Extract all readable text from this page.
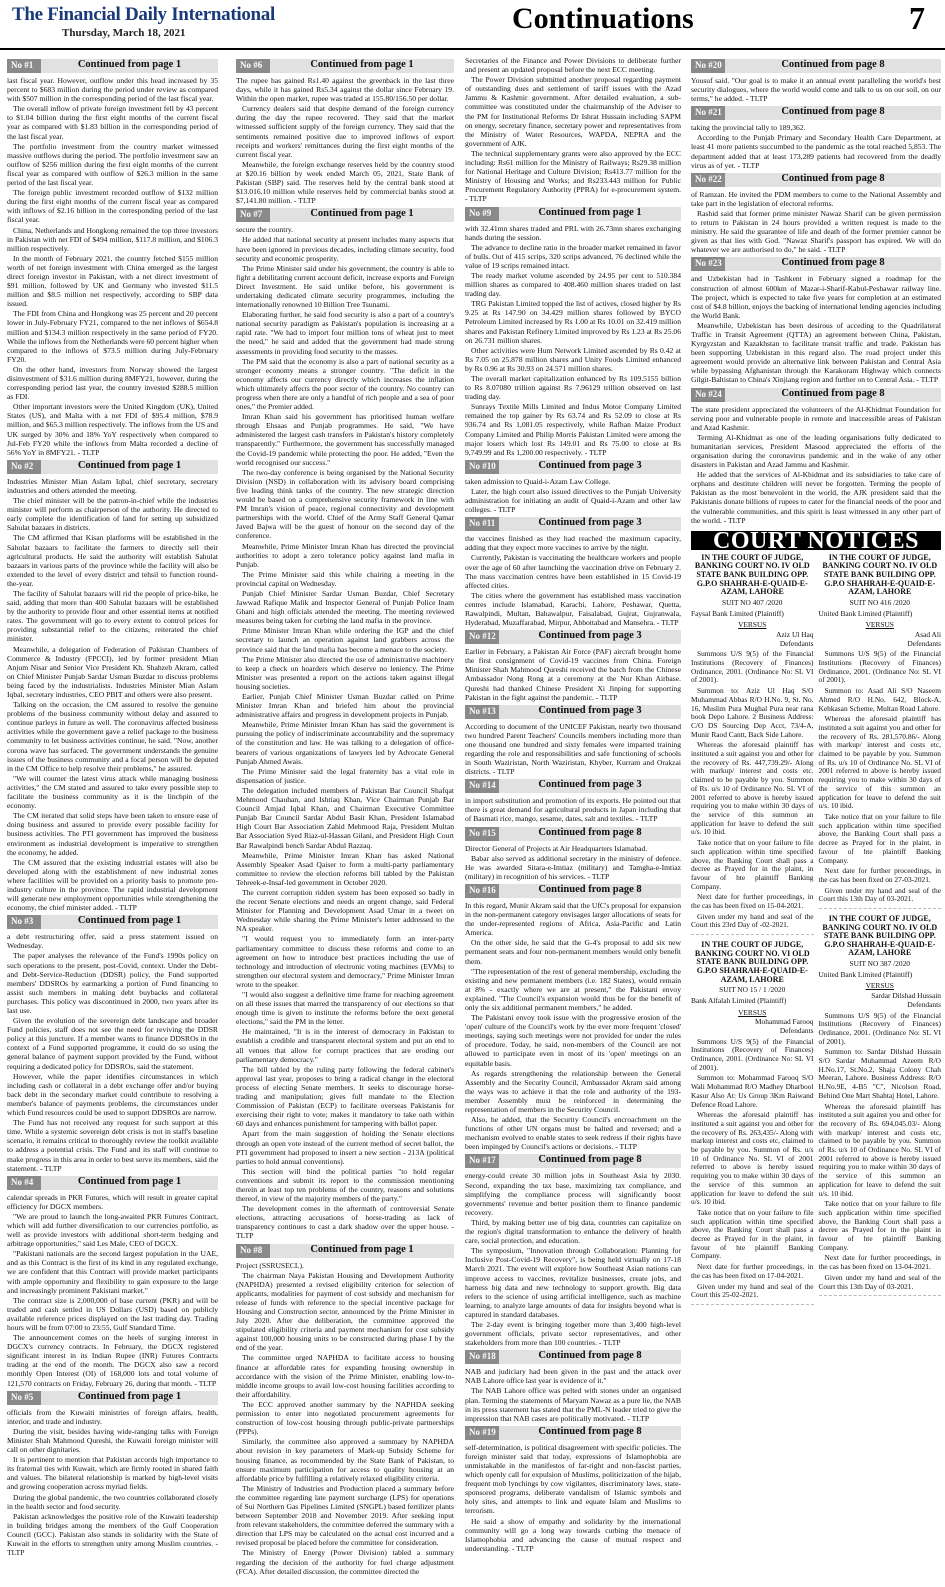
The Financial Daily International
Thursday, March 18, 2021	Continuations	7
No #1	Continued from page 1

last fiscal year. However, outflow under this head increased by 35 percent to $683 million during the period under review as compared with $507 million in the corresponding period of the last fiscal year.

The overall inflow of private foreign investment fell by 43 percent to $1.04 billion during the first eight months of the current fiscal year as compared with $1.83 billion in the corresponding period of the last fiscal year.

The portfolio investment from the country market witnessed massive outflows during the period. The portfolio investment saw an outflow of $256 million during the first eight months of the current fiscal year as compared with outflow of $26.3 million in the same period of the last fiscal year.

The foreign public investment recorded outflow of $132 million during the first eight months of the current fiscal year as compared with inflows of $2.16 billion in the corresponding period of the last fiscal year.

China, Netherlands and Hongkong remained the top three investors in Pakistan with net FDI of $494 million, $117.8 million, and $106.3 million respectively.

In the month of February 2021, the country fetched $155 million worth of net foreign investment with China emerged as the largest direct foreign investor in Pakistan, with a net direct investment of $91 million, followed by UK and Germany who invested $11.5 million and $8.5 million net respectively, according to SBP data issued.

The FDI from China and Hongkong was 25 percent and 20 percent lower in July-February FY21, compared to the net inflows of $654.8 million and $134.3 million respectively in the same period of FY20. While the inflows from the Netherlands were 60 percent higher when compared to the inflows of $73.5 million during July-February FY20.

On the other hand, investors from Norway showed the largest disinvestment of $31.6 million during 8MFY21, however, during the corresponding period last year, the country invested $288.5 million as FDI.

Other important investors were the United Kingdom (UK), United States (US), and Malta with a net FDI of $95.4 million, $78.9 million, and $65.3 million respectively. The inflows from the US and UK surged by 30% and 18% YoY respectively when compared to Jul-Feb FY20 while the inflows from Malta recorded a decline of 56% YoY in 8MFY21. - TLTP

No #2	Continued from page 1

Industries Minister Mian Aslam Iqbal, chief secretary, secretary industries and others attended the meeting.

The chief minister will be the patron-in-chief while the industries minister will perform as chairperson of the authority. He directed to early complete the identification of land for setting up subsidized Sahulat bazaars in districts.

The CM affirmed that Kisan platforms will be established in the Sahulat bazaars to facilitate the farmers to directly sell their agricultural products. He said the authority will establish Sahulat bazaars in various parts of the province while the facility will also be extended to the level of every district and tehsil to function round-the-year.

The facility of Sahulat bazaars will rid the people of price-hike, he said, adding that more than 400 Sahulat bazaars will be established by the authority to provide flour and other essential items at notified rates. The government will go to every extent to control prices for providing substantial relief to the citizens, reiterated the chief minister.

Meanwhile, a delegation of Federation of Pakistan Chambers of Commerce & Industry (FPCCI), led by former president Mian Anjum Nisar and Senior Vice President Kh. Shahzeb Akram, called on Chief Minister Punjab Sardar Usman Buzdar to discuss problems being faced by the industrialists. Industries Minister Mian Aslam Iqbal, secretary industries, CEO PBIT and others were also present.

Talking on the occasion, the CM assured to resolve the genuine problems of the business community without delay and assured to continue parleys in future as well. The coronavirus affected business activities while the government gave a relief package to the business community to let business activities continue, he said. "Now, another corona wave has surfaced. The government understands the genuine issues of the business community and a focal person will be deputed in the CM Office to help resolve their problems," he assured.

"We will counter the latest virus attack while managing business activities," the CM stated and assured to take every possible step to facilitate the business community as it is the linchpin of the economy.

The CM iterated that solid steps have been taken to ensure ease of doing business and assured to provide every possible facility for business activities. The PTI government has improved the business environment as industrial development is imperative to strengthen the economy, he added.

The CM assured that the existing industrial estates will also be developed along with the establishment of new industrial zones where facilities will be provided on a priority basis to promote pro-industry culture in the province. The rapid industrial development will generate new employment opportunities while strengthening the economy, the chief minister added. - TLTP

No #3	Continued from page 1

a debt restructuring offer, said a press statement issued on Wednesday.

The paper analyses the relevance of the Fund's 1990s policy on such operations to the present, post-Covid, context. Under the Debt- and Debt-Service-Reduction (DDSR) policy, the Fund supported members' DDSROs by earmarking a portion of Fund financing to assist such members in making debt buybacks and collateral purchases. This policy was discontinued in 2000, two years after its last use.

Given the evolution of the sovereign debt landscape and broader Fund policies, staff does not see the need for reviving the DDSR policy at this juncture. If a member wants to finance DDSROs in the context of a Fund supported programme, it could do so using the general balance of payment support provided by the Fund, without requiring a dedicated policy for DDSROs, said the statement.

However, while the paper identifies circumstances in which including cash or collateral in a debt exchange offer and/or buying back debt in the secondary market could contribute to resolving a member's balance of payments problems, the circumstances under which Fund resources could be used to support DDSROs are narrow.

The Fund has not received any request for such support at this time. While a systemic sovereign debt crisis is not in staff's baseline scenario, it remains critical to thoroughly review the toolkit available to address a potential crisis. The Fund and its staff will continue to make progress in this area in order to best serve its members, said the statement. - TLTP

No #4	Continued from page 1

calendar spreads in PKR Futures, which will result in greater capital efficiency for DGCX members.

"We are proud to launch the long-awaited PKR Futures Contract, which will add further diversification to our currencies portfolio, as well as provide investors with additional short-term hedging and arbitrage opportunities," said Les Male, CEO of DGCX.

"Pakistani nationals are the second largest population in the UAE, and as this Contract is the first of its kind in any regulated exchange, we are confident that this Contract will provide market participants with ample opportunity and flexibility to gain exposure to the large and increasingly prominent Pakistani market."

The contract size is 2,000,000 of base current (PKR) and will be traded and cash settled in US Dollars (USD) based on publicly available reference prices displayed on the last trading day. Trading hours will be from 07:00 to 23:55, Gulf Standard Time.

The announcement comes on the heels of surging interest in DGCX's currency contracts. In February, the DGCX registered significant interest in its Indian Rupee (INR) Futures Contracts trading at the end of the month. The DGCX also saw a record monthly Open Interest (OI) of 168,000 lots and total volume of 121,570 contracts on Friday, February 26, during that month. - TLTP

No #5	Continued from page 1

officials from the Kuwaiti ministries of foreign affairs, health, interior, and trade and industry.

During the visit, besides having wide-ranging talks with Foreign Minister Shah Mahmood Qureshi, the Kuwaiti foreign minister will call on other dignitaries.

It is pertinent to mention that Pakistan accords high importance to its fraternal ties with Kuwait, which are firmly rooted in shared faith and values. The bilateral relationship is marked by high-level visits and growing cooperation across myriad fields.

During the global pandemic, the two countries collaborated closely in the health sector and food security.

Pakistan acknowledges the positive role of the Kuwaiti leadership in building bridges among the members of the Gulf Cooperation Council (GCC). Pakistan also stands in solidarity with the State of Kuwait in the efforts to strengthen unity among Muslim countries. - TLTP

No #6	Continued from page 1

The rupee has gained Rs1.40 against the greenback in the last three days, while it has gained Rs5.34 against the dollar since February 19. Within the open market, rupee was traded at 155.80/156.50 per dollar.

Currency dealers said that despite demand of the foreign currency during the day the rupee recovered. They said that the market witnessed sufficient supply of the foreign currency. They said that the sentiments remained positive due to improved inflows of export receipts and workers' remittances during the first eight months of the current fiscal year.

Meanwhile, the foreign exchange reserves held by the country stood at $20.16 billion by week ended March 05, 2021, State Bank of Pakistan (SBP) said. The reserves held by the central bank stood at $13.016.10 million while reserves held by commercial banks stood at $7,141.80 million. - TLTP

No #7	Continued from page 1

secure the country.

He added that national security at present includes many aspects that have been ignored in previous decades, including climate security, food security and economic prosperity.

The Prime Minister said under his government, the country is able to fight a debilitating current account deficit, increase exports and Foreign Direct Investment. He said unlike before, his government is undertaking dedicated climate security programmes, including the internationally renowned 10 Billion Tree Tsunami.

Elaborating further, he said food security is also a part of a country's national security paradigm as Pakistan's population is increasing at a rapid rate. "We had to import four million tons of wheat just to meet the need," he said and added that the government had made strong assessments in providing food security to the masses.

The PM said that the economy is also a part of national security as a stronger economy means a stronger country. "The deficit in the economy affects our currency directly which increases the inflation which ultimately affects the poor sector of the country. No country can progress when there are only a handful of rich people and a sea of poor ones," the Premier added.

Imran Khan said his government has prioritised human welfare through Ehsaas and Punjab programmes. He said, "We have administered the largest cash transfers in Pakistan's history completely transparently." Furthermore, the government has successfully managed the Covid-19 pandemic while protecting the poor. He added, "Even the world recognised our success."

The two-day conference is being organised by the National Security Division (NSD) in collaboration with its advisory board comprising five leading think tanks of the country. The new strategic direction would be based on a comprehensive security framework in line with PM Imran's vision of peace, regional connectivity and development partnerships with the world. Chief of the Army Staff General Qamar Javed Bajwa will be the guest of honour on the second day of the conference.

Meanwhile, Prime Minister Imran Khan has directed the provincial authorities to adopt a zero tolerance policy against land mafia in Punjab.

The Prime Minister said this while chairing a meeting in the provincial capital on Wednesday.

Punjab Chief Minister Sardar Usman Buzdar, Chief Secretary Jawwad Rafique Malik and Inspector General of Punjab Police Inam Ghani and high officials attended the meeting. The meeting reviewed measures being taken for curbing the land mafia in the province.

Prime Minister Imran Khan while ordering the IGP and the chief secretary to launch an operation against land grabbers across the province said that the land mafia has become a menace to the society.

The Prime Minister also directed the use of administrative machinery to keep a check on hoarders which deserve no leniency. The Prime Minister was presented a report on the actions taken against illegal housing societies.

Earlier, Punjab Chief Minister Usman Buzdar called on Prime Minister Imran Khan and briefed him about the provincial administrative affairs and progress in development projects in Punjab.

Meanwhile, Prime Minister Imran Khan has said the government is pursuing the policy of indiscriminate accountability and the supremacy of the constitution and law. He was talking to a delegation of office-bearers of various organizations of lawyers led by Advocate General Punjab Ahmed Awais.

The Prime Minister said the legal fraternity has a vital role in dispensation of justice.

The delegation included members of Pakistan Bar Council Shafqat Mehmood Chauhan, and Ishtiaq Khan, Vice Chairman Punjab Bar Council Amjad Iqbal Khan, and Chairman Executive Committee Punjab Bar Council Sardar Abdul Basit Khan, President Islamabad High Court Bar Association Zahid Mehmood Raja, President Multan Bar Association Syed Riaz-ul-Hassan Gilani, and President High Court Bar Rawalpindi bench Sardar Abdul Razzaq.

Meanwhile, Prime Minister Imran Khan has asked National Assembly Speaker Asad Qaiser to form a multi-party parliamentary committee to review the election reforms bill tabled by the Pakistan Tehreek-e-Insaf-led government in October 2020.

The current corruption ridden system has been exposed so badly in the recent Senate elections and needs an urgent change, said Federal Minister for Planning and Development Asad Umar in a tweet on Wednesday while sharing the Prime Minister's letter addressed to the NA speaker.

"I would request you to immediately form an inter-party parliamentary committee to discuss these reforms and come to an agreement on how to introduce best practices including the use of technology and introduction of electronic voting machines (EVMs) to strengthen our electoral system and democracy," Prime Minister Imran wrote to the speaker.

"I would also suggest a definitive time frame for reaching agreement on all these issues that marred the transparency of our elections so that enough time is given to institute the reforms before the next general elections," said the PM in the letter.

He maintained, "It is in the interest of democracy in Pakistan to establish a credible and transparent electoral system and put an end to all venues that allow for corrupt practices that are eroding our parliamentary democracy."

The bill tabled by the ruling party following the federal cabinet's approval last year, proposes to bring a radical change in the electoral process of electing Senate members. It seeks to discourage horse-trading and manipulation; gives full mandate to the Election Commission of Pakistan (ECP) to facilitate overseas Pakistanis for exercising their right to vote; makes it mandatory to take oath within 60 days and enhances punishment for tampering with ballot paper.

Apart from the main suggestion of holding the Senate elections through an open vote instead of the current method of secret ballot, the PTI government had proposed to insert a new section - 213A (political parties to hold annual conventions).

This section will bind the political parties "to hold regular conventions and submit its report to the commission mentioning therein at least top ten problems of the country, reasons and solutions thereof, in view of the majority members of the party."

The development comes in the aftermath of controversial Senate elections, attracting accusations of horse-trading as lack of transparency continues to cast a dark shadow over the upper house. - TLTP

No #8	Continued from page 1

Project (SSRUSECL).

The chairman Naya Pakistan Housing and Development Authority (NAPHDA) presented a revised eligibility criterion for selection of applicants, modalities for payment of cost subsidy and mechanism for release of funds with reference to the special incentive package for Housing and Construction sector, announced by the Prime Minister in July 2020. After due deliberation, the committee approved the stipulated eligibility criteria and payment mechanism for cost subsidy against 100,000 housing units to be constructed during phase I by the end of the year.

The committee urged NAPHDA to facilitate access to housing finance at affordable rates for expanding housing ownership in accordance with the vision of the Prime Minister, enabling low-to-middle income groups to avail low-cost housing facilities according to their affordability.

The ECC approved another summary by the NAPHDA seeking permission to enter into negotiated procurement agreements for construction of low-cost housing through public-private partnerships (PPPs).

Similarly, the committee also approved a summary by NAPHDA about revision in key parameters of Mark-up Subsidy Scheme for housing finance, as recommended by the State Bank of Pakistan, to ensure maximum participation for access to quality housing at an affordable price by fulfilling a relatively relaxed eligibility criteria.

The Ministry of Industries and Production placed a summary before the committee regarding late payment surcharge (LPS) for operations of Sui Northern Gas Pipelines Limited (SNGPL) based fertilizer plants between September 2018 and November 2019. After seeking input from relevant stakeholders, the committee deferred the summary with a direction that LPS may be calculated on the actual cost incurred and a revised proposal be placed before the committee for consideration.

The Ministry of Energy (Power Division) tabled a summary regarding the decision of the authority for fuel charge adjustment (FCA). After detailed discussion, the committee directed the

Secretaries of the Finance and Power Divisions to deliberate further and present an updated proposal before the next ECC meeting.

The Power Division submitted another proposal regarding payment of outstanding dues and settlement of tariff issues with the Azad Jammu & Kashmir government. After detailed evaluation, a sub-committee was constituted under the chairmanship of the Adviser to the PM for Institutional Reforms Dr Ishrat Hussain including SAPM on energy, secretary finance, secretary power and representatives from the Ministry of Water Resources, WAPDA, NEPRA and the government of AJK.

The technical supplementary grants were also approved by the ECC including: Rs61 million for the Ministry of Railways; Rs29.38 million for National Heritage and Culture Division; Rs413.77 million for the Ministry of Housing and Works; and Rs233.443 million for Public Procurement Regulatory Authority (PPRA) for e-procurement system. - TLTP

No #9	Continued from page 1

with 32.41mn shares traded and PRL with 26.73mn shares exchanging hands during the session.

The advance to decline ratio in the broader market remained in favor of bulls. Out of 415 scrips, 320 scrips advanced, 76 declined while the value of 19 scrips remained intact.

The ready market volume ascended by 24.95 per cent to 510.384 million shares as compared to 408.460 million shares traded on last trading day.

TRG Pakistan Limited topped the list of actives, closed higher by Rs 9.25 at Rs 147.90 on 34.429 million shares followed by BYCO Petroleum Limited increased by Rs 1.00 at Rs 10.01 on 32.419 million shares and Pakistan Refinery Limited improved by Rs 1.23 at Rs 25.06 on 26.731 million shares.

Other activities were Hum Network Limited ascended by Rs 0.42 at Rs 7.05 on 25.878 million shares and Unity Foods Limited enhanced by Rs 0.96 at Rs 30.93 on 24.571 million shares.

The overall market capitalization enhanced by Rs 109.5155 billion to Rs 8.07080 trillion against Rs 7.96129 trillion observed on last trading day.

Sunrays Textile Mills Limited and Indus Motor Company Limited remained the top gainer by Rs 63.74 and Rs 52.09 to close at Rs 936.74 and Rs 1,081.05 respectively, while Rafhan Maize Product Company Limited and Philip Morris Pakistan Limited were among the major losers which lost Rs 149.01 and Rs 75.00 to close at Rs 9,749.99 and Rs 1,200.00 respectively. - TLTP

No #10	Continued from page 3

taken admission to Quaid-i-Azam Law College.

Later, the high court also issued directives to the Punjab University administration for initiating an audit of Quaid-i-Azam and other law colleges. - TLTP

No #11	Continued from page 3

the vaccines finished as they had reached the maximum capacity, adding that they expect more vaccines to arrive by the night.

Currently, Pakistan is vaccinating the healthcare workers and people over the age of 60 after launching the vaccination drive on February 2. The mass vaccination centres have been established in 15 Covid-19 affected cities.

The cities where the government has established mass vaccination centres include Islamabad, Karachi, Lahore, Peshawar, Quetta, Rawalpindi, Multan, Bahawalpur, Faisalabad, Gujrat, Gujranwala, Hyderabad, Muzaffarabad, Mirpur, Abbottabad and Mansehra. - TLTP

No #12	Continued from page 3

Earlier in February, a Pakistan Air Force (PAF) aircraft brought home the first consignment of Covid-19 vaccines from China. Foreign Minister Shah Mahmood Qureshi received the batch from the Chinese Ambassador Nong Rong at a ceremony at the Nur Khan Airbase. Qureshi had thanked Chinese President Xi Jinping for supporting Pakistan in the fight against the pandemic. - TLTP

No #13	Continued from page 3

According to document of the UNICEF Pakistan, nearly two thousand two hundred Parent Teachers' Councils members including more than one thousand one hundred and sixty females were imparted training regarding the role and responsibilities and safe functioning of schools in South Waziristan, North Waziristan, Khyber, Kurram and Orakzai districts. - TLTP

No #14	Continued from page 3

in import substitution and promotion of its exports. He pointed out that there is great demand for agricultural products in Japan including that of Basmati rice, mango, sesame, dates, salt and textiles. - TLTP

No #15	Continued from page 8

Director General of Projects at Air Headquarters Islamabad.

Babar also served as additional secretary in the ministry of defence. He was awarded Sitara-e-Imtiaz (military) and Tamgha-e-Imtiaz (military) in recognition of his services. - TLTP

No #16	Continued from page 8

In this regard, Munir Akram said that the UfC's proposal for expansion in the non-permanent category envisages larger allocations of seats for the under-represented regions of Africa, Asia-Pacific and Latin America.

On the other side, he said that the G-4's proposal to add six new permanent seats and four non-permanent members would only benefit them.

"The representation of the rest of general membership, excluding the existing and new permanent members (i.e. 182 States), would remain at 8% - exactly where we are at present," the Pakistani envoy explained. "The Council's expansion would thus be for the benefit of only the six additional permanent members," he added.

The Pakistani envoy took issue with the progressive erosion of the 'open' culture of the Council's work by the ever more frequent 'closed' meetings, saying such meetings were not provided for under the rules of procedure. Today, he said, non-members of the Council are not allowed to participate even in most of its 'open' meetings on an equitable basis.

As regards strengthening the relationship between the General Assembly and the Security Council, Ambassador Akram said among the ways was to achieve it that the role and authority of the 193-member Assembly must be reinforced in determining the representation of members in the Security Council.

Also, he added, that the Security Council's encroachment on the functions of other UN organs must be halted and reversed; and a mechanism evolved to enable states to seek redress if their rights have been impinged by Council's actions or decisions. - TLTP

No #17	Continued from page 8

energy-could create 30 million jobs in Southeast Asia by 2030. Second, expanding the tax base, maximizing tax compliance, and simplifying the compliance process will significantly boost governments' revenue and better position them to finance pandemic recovery.

Third, by making better use of big data, countries can capitalize on the region's digital transformation to enhance the delivery of health care, social protection, and education.

The symposium, "Innovation through Collaboration: Planning for Inclusive Post-Covid-19 Recovery", is being held virtually on 17-18 March 2021. The event will explore how Southeast Asian nations can improve access to vaccines, revitalize businesses, create jobs, and harness big data and new technology to support growth. Big data refers to the science of using artificial intelligence, such as machine learning, to analyze large amounts of data for insights beyond what is captured in standard databases.

The 2-day event is bringing together more than 3,400 high-level government officials, private sector representatives, and other stakeholders from more than 100 countries. - TLTP

No #18	Continued from page 8

NAB and judiciary had been given in the past and the attack over NAB Lahore office last year is evidence of it."

The NAB Lahore office was pelted with stones under an organised plan. Terming the statements of Maryam Nawaz as a pure lie, the NAB in its press statement has stated that the PML-N leader tried to give the impression that NAB cases are politically motivated. - TLTP

No #19	Continued from page 8

self-determination, is political disagreement with specific policies. The foreign minister said that today, expressions of Islamophobia are unmistakable in the manifestos of far-right and non-fascist parties, which openly call for expulsion of Muslims, politicization of the hijab, frequent mob lynchings by cow vigilantes, discriminatory laws, state-sponsored programs, deliberate vandalism of Islamic symbols and holy sites, and attempts to link and equate Islam and Muslims to terrorism.

He said a show of empathy and solidarity by the international community will go a long way towards curbing the menace of Islamophobia and advancing the cause of mutual respect and understanding. - TLTP

No #20	Continued from page 8

Yousuf said. "Our goal is to make it an annual event paralleling the world's best security dialogues, where the world would come and talk to us on our soil, on our terms," he added. - TLTP

No #21	Continued from page 8

taking the provincial tally to 189,362.

According to the Punjab Primary and Secondary Health Care Department, at least 41 more patients succumbed to the pandemic as the total reached 5,853. The department added that at least 173,289 patients had recovered from the deadly virus as of yet. - TLTP

No #22	Continued from page 8

of Ramzan. He invited the PDM members to come to the National Assembly and take part in the legislation of electoral reforms.

Rashid said that former prime minister Nawaz Sharif can be given permission to return to Pakistan in 24 hours provided a written request is made to the ministry. He said the guarantee of life and death of the former premier cannot be given as that lies with God. "Nawaz Sharif's passport has expired. We will do whatever we are authorised to do," he said. - TLTP

No #23	Continued from page 8

and Uzbekistan had in Tashkent in February signed a roadmap for the construction of almost 600km of Mazar-i-Sharif-Kabul-Peshawar railway line. The project, which is expected to take five years for completion at an estimated cost of $4.8 billion, enjoys the backing of international lending agencies including the World Bank.

Meanwhile, Uzbekistan has been desirous of acceding to the Quadrilateral Traffic in Transit Agreement (QTTA) an agreement between China, Pakistan, Kyrgyzstan and Kazakhstan to facilitate transit traffic and trade. Pakistan has been supporting Uzbekistan in this regard also. The road project under this agreement would provide an alternative link between Pakistan and Central Asia while bypassing Afghanistan through the Karakoram Highway which connects Gilgit-Baltistan to China's Xinjiang region and further on to Central Asia. - TLTP

No #24	Continued from page 8

The state president appreciated the volunteers of the Al-Khidmat Foundation for serving poor and vulnerable people in remote and inaccessible areas of Pakistan and Azad Kashmir.

Terming Al-Khidmat as one of the leading organisations fully dedicated to humanitarian services, President Masood appreciated the efforts of the organisation during the coronavirus pandemic and in the wake of any other disasters in Pakistan and Azad Jammu and Kashmir.

He added that the services of Al-Khidmat and its subsidiaries to take care of orphans and destitute children will never be forgotten. Terming the people of Pakistan as the most benevolent in the world, the AJK president said that the Pakistanis donate billions of rupees to cater for the financial needs of the poor and the vulnerable communities, and this spirit is least witnessed in any other part of the world. - TLTP

COURT NOTICES
IN THE COURT OF JUDGE, BANKING COURT NO. IV OLD STATE BANK BUILDING OPP. G.P.O SHAHRAH-E-QUAID-E-AZAM, LAHORE
SUIT NO 407 /2020
Faysal Bank Limited (Plaintiff)
VERSUS
Aziz Ul Haq
Defendants
Summons U/S 9(5) of the Financial Institutions (Recovery of Finances) Ordinance, 2001. (Ordinance No: SL VI of 2001).
Summon to: Aziz Ul Haq S/O Muhammad Abbas R/O H.No. 9, St. No. 16, Muslim Pura Mughal Pura near rana book Depo Lahore. 2 Business Address: C/O DS Sourcing Dep Acct, 73/4-A, Munir Raod Cantt, Back Side Lahore.
Whereas the aforesaid plaintiff has instituted a suit against you and other for the recovery of Rs. 447,739.29/- Along with markup/ interest and costs etc. claimed to be payable by you. Summon of Rs. u/s 10 of Ordinance No. SL VI of 2001 referred to above is hereby issued requiring you to make within 30 days of the service of this summon an application for leave to defend the suit u/s. 10 ibid.
Take notice that on your failure to file such application within time specified above, the Banking Court shall pass a decree as Prayed for in the plaint, in favour of hte plaintiff Banking Company.
Next date for further proceedings, in the cas has been fixed on 15-04-2021.
Given under my hand and seal of the Court this 23rd Day of -02-2021.
IN THE COURT OF JUDGE, BANKING COURT NO. VI OLD STATE BANK BUILDING OPP. G.P.O SHAHRAH-E-QUAID-E-AZAM, LAHORE
SUIT NO 15 / 1 /2020
Bank Alfalah Limited (Plaintiff)
VERSUS
Mohammad Farooq
Defendants
Summons U/S 9(5) of the Financial Institutions (Recovery of Finances) Ordinance, 2001. (Ordinance No: SL VI of 2001).
Summon to: Mohammad Farooq S/O Wali Mohammad R/O Madhey Dharbool Kasur Also At: Us Group 3Km Raiwand Defence Road Lahore.
Whereas the aforesaid plaintiff has instituted a suit against you and other for the recovery of Rs. 263,435/- Along with markup interest and costs etc, claimed to be payable by you. Summon of Rs. u/s 10 of Ordinance No. SL VI of 2001 referred to above is hereby issued requiring you to make within 30 days of the service of this summon an application for leave to defend the suit u/s. 10 ibid.
Take notice that on your failure to file such application within time specified above, the Banking Court shall pass a decree as Prayed for in the plaint, in favour of hte plaintiff Banking Company.
Next date for further proceedings, in the cas has been fixed on 17-04-2021.
Given under my hand and seal of the Court this 25-02-2021.
IN THE COURT OF JUDGE, BANKING COURT NO. IV OLD STATE BANK BUILDING OPP. G.P.O SHAHRAH-E-QUAID-E-AZAM, LAHORE
SUIT NO 416 /2020
United Bank Limited (Plaintiff)
VERSUS
Asad Ali
Defendants
Summons U/S 9(5) of the Financial Institutions (Recovery of Finances) Ordinance, 2001. (Ordinance No: SL VI of 2001).
Summon to: Asad Ali S/O Naseem Ahmed R/O H.No. 642, Block-A, Kehkasan Scheme, Multan Road Lahore.
Whereas the aforesaid plaintiff has instituted a suit against you and other for the recovery of Rs. 281,570.86/- Along with markup/ interest and costs etc, claimed to be payable by you. Summon of Rs. u/s 10 of Ordinance No. SL VI of 2001 referred to above is hereby issued requiring you to make within 30 days of the service of this summon an application for leave to defend the suit u/s. 10 ibid.
Take notice that on your failure to file such application within time specified above, the Banking Court shall pass a decree as Prayed for in the plaint, in favour of hte plaintiff Banking Company.
Next date for further proceedings, in the cas has been fixed on 27-03-2021.
Given under my hand and seal of the Court this 13th Day of 03-2021.
IN THE COURT OF JUDGE, BANKING COURT NO. IV OLD STATE BANK BUILDING OPP. G.P.O SHAHRAH-E-QUAID-E-AZAM, LAHORE
SUIT NO 387 /2020
United Bank Limited (Plaintiff)
VERSUS
Sardar Dilshad Hussain
Defendants
Summons U/S 9(5) of the Financial Institutions (Recovery of Finances) Ordinance, 2001. (Ordinance No: SL VI of 2001).
Summon to: Sardar Dilshad Hussain S/O Sardar Muhammad Azeem R/O H.No.17, St.No.2, Shaja Colony Chah Meeran, Lahore. Business Address: R/O H.No.9E, 4-B5 "C", Nicolson Road, Behind One Mart Shahtaj Hotel, Lahore.
Whereas the aforesaid plaintiff has instituted a suit against you and other for the recovery of Rs. 694,045.03/- Along with markup/ interest and costs etc, claimed to be payable by you. Summon of Rs. u/s 10 of Ordinance No. SL VI of 2001 referred to above is hereby issued requiring you to make within 30 days of the service of this summon an application for leave to defend the suit u/s. 10 ibid.
Take notice that on your failure to file such application within time specified above, the Banking Court shall pass a decree as Prayed for in the plaint in favour of hte plaintiff Banking Company.
Next date for further proceedings, in the cas has been fixed on 13-04-2021.
Given under my hand and seal of the Court this 13th Day of 03-2021.
